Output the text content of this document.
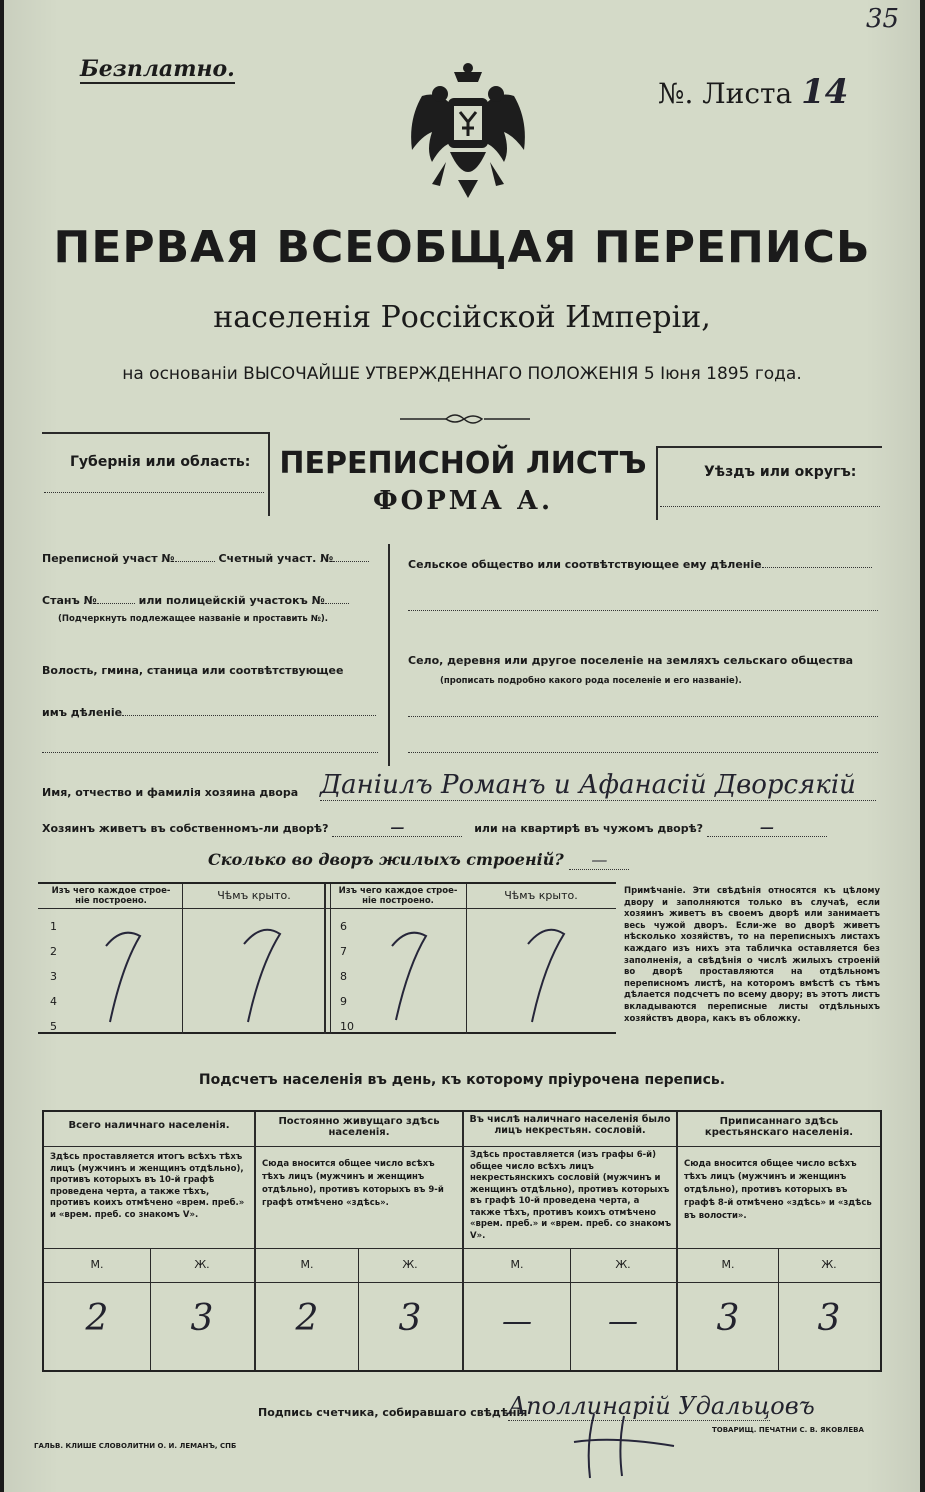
35
Безплатно.
№. Листа 14
ПЕРВАЯ ВСЕОБЩАЯ ПЕРЕПИСЬ
населенія Россійской Имперіи,
на основаніи ВЫСОЧАЙШЕ УТВЕРЖДЕННАГО ПОЛОЖЕНІЯ 5 Іюня 1895 года.
Губернія или область: ПЕРЕПИСНОЙ ЛИСТЪ
ФОРМА А.
Уѣздъ или округъ:
Переписной участ №	Счетный участ. №
Станъ №	или полицейскій участокъ №
(Подчеркнуть подлежащее названіе и проставить №).
Волость, гмина, станица или соотвѣтствующее
имъ дѣленіе
Сельское общество или соотвѣтствующее ему дѣленіе
Село, деревня или другое поселеніе на земляхъ сельскаго общества
(прописать подробно какого рода поселеніе и его названіе).
Имя, отчество и фамилія хозяина двора Даніилъ Романъ и Афанасій Дворсякій
Хозяинъ живетъ въ собственномъ-ли дворѣ?	—	или на квартирѣ въ чужомъ дворѣ?	—
Сколько во дворъ жилыхъ строеній? —
Изъ чего каждое строе- ніе построено.	Чѣмъ крыто.	Изъ чего каждое строе- ніе построено.	Чѣмъ крыто.
1
2
3
4
5
6
7
8
9
10
Примѣчаніе. Эти свѣдѣнія относятся къ цѣлому двору и заполняются только въ случаѣ, если хозяинъ живетъ въ своемъ дворѣ или занимаетъ весь чужой дворъ. Если-же во дворѣ живетъ нѣсколько хозяйствъ, то на переписныхъ листахъ каждаго изъ нихъ эта табличка оставляется без заполненія, а свѣдѣнія о числѣ жилыхъ строеній во дворѣ проставляются на отдѣльномъ переписномъ листѣ, на которомъ вмѣстѣ съ тѣмъ дѣлается подсчетъ по всему двору; въ этотъ листъ вкладываются переписные листы отдѣльныхъ хозяйствъ двора, какъ въ обложку.
Подсчетъ населенія въ день, къ которому пріурочена перепись.
Всего наличнаго населенія.
Здѣсь проставляется итогъ всѣхъ тѣхъ лицъ (мужчинъ и женщинъ отдѣльно), противъ которыхъ въ 10-й графѣ проведена черта, а также тѣхъ, противъ коихъ отмѣчено «врем. преб.» и «врем. преб. со знакомъ V».
М.	Ж.
2	3
Постоянно живущаго здѣсь населенія.
Сюда вносится общее число всѣхъ тѣхъ лицъ (мужчинъ и женщинъ отдѣльно), противъ которыхъ въ 9-й графѣ отмѣчено «здѣсь».
М.	Ж.
2	3
Въ числѣ наличнаго населенія было лицъ некрестьян. сословій.
Здѣсь проставляется (изъ графы 6-й) общее число всѣхъ лицъ некрестьянскихъ сословій (мужчинъ и женщинъ отдѣльно), противъ которыхъ въ графѣ 10-й проведена черта, а также тѣхъ, противъ коихъ отмѣчено «врем. преб.» и «врем. преб. со знакомъ V».
М.	Ж.
—	—
Приписаннаго здѣсь крестьянскаго населенія.
Сюда вносится общее число всѣхъ тѣхъ лицъ (мужчинъ и женщинъ отдѣльно), противъ которыхъ въ графѣ 8-й отмѣчено «здѣсь» и «здѣсь въ волости».
М.	Ж.
3	3
Подпись счетчика, собиравшаго свѣдѣнія
Аполлинарій Удальцовъ
ГАЛЬВ. КЛИШЕ СЛОВОЛИТНИ О. И. ЛЕМАНЪ, СПБ
ТОВАРИЩ. ПЕЧАТНИ С. В. ЯКОВЛЕВА
